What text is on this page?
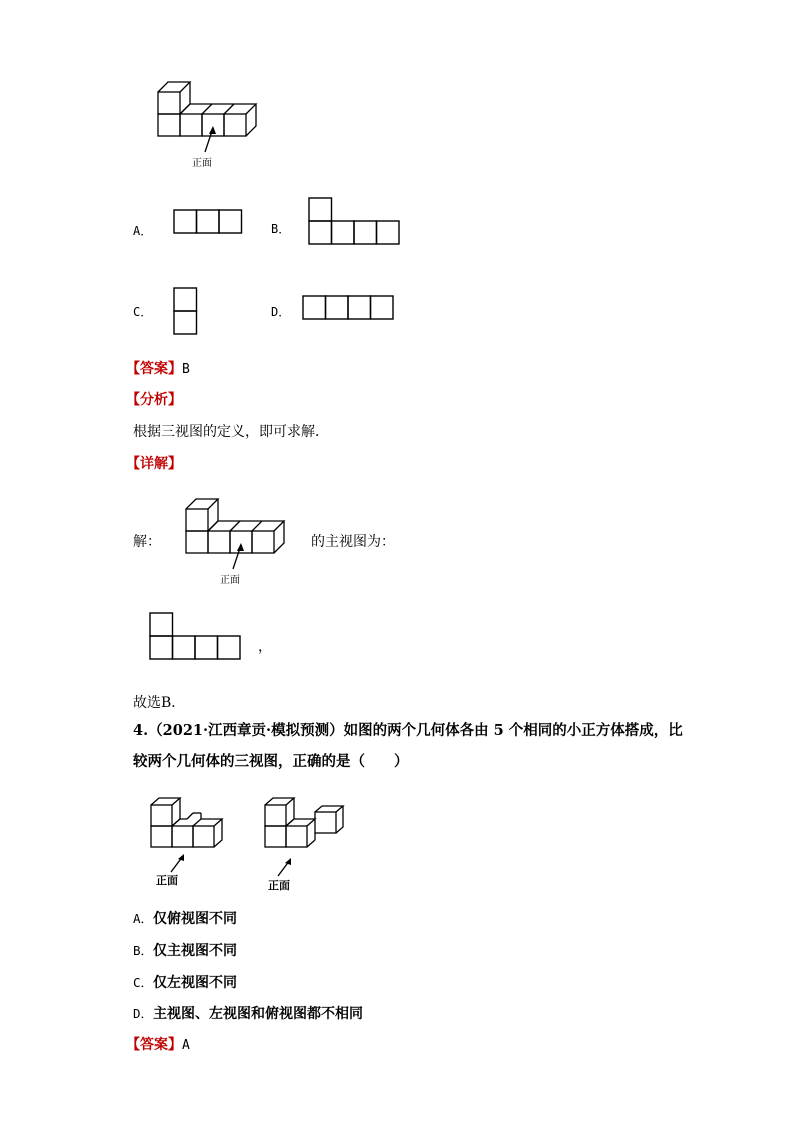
正面
A．	B．
C．	D．
【答案】B
【分析】
根据三视图的定义，即可求解．
【详解】
解：
正面
的主视图为：
，
故选B．
4.（2021·江西章贡·模拟预测）如图的两个几何体各由 5 个相同的小正方体搭成，比
较两个几何体的三视图，正确的是（　　）
正面	正面
A．仅俯视图不同
B．仅主视图不同
C．仅左视图不同
D．主视图、左视图和俯视图都不相同
【答案】A
